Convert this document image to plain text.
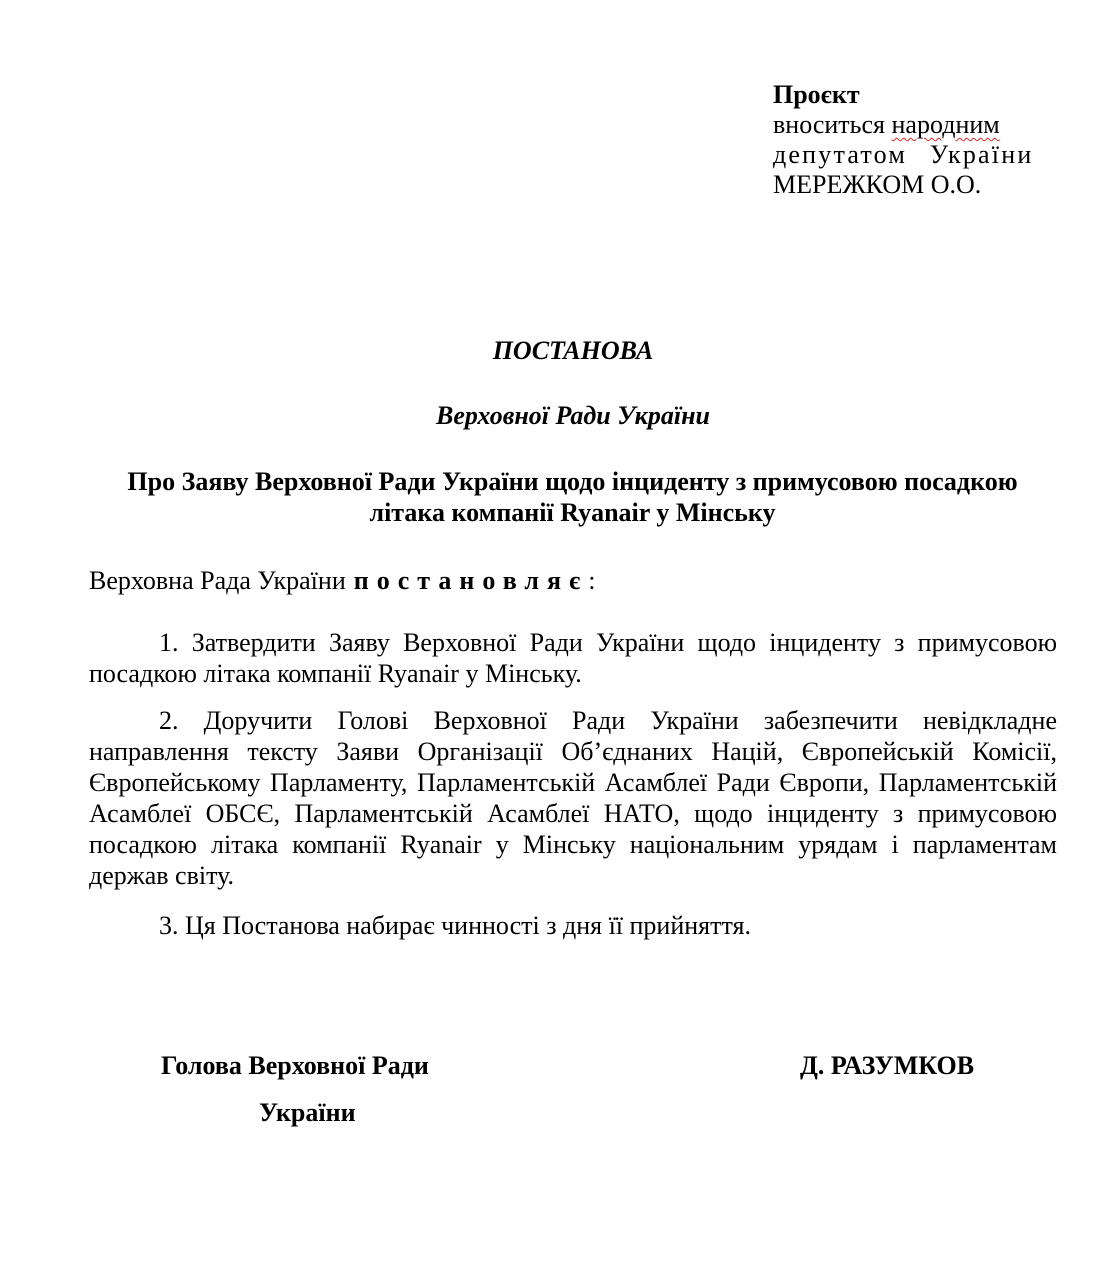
Проєкт
вноситься народним
депутатом України
МЕРЕЖКОМ О.О.
ПОСТАНОВА
Верховної Ради України
Про Заяву Верховної Ради України щодо інциденту з примусовою посадкою
літака компанії Ryanair у Мінську
Верховна Рада України постановляє:
1. Затвердити Заяву Верховної Ради України щодо інциденту з примусовою посадкою літака компанії Ryanair у Мінську.
2. Доручити Голові Верховної Ради України забезпечити невідкладне направлення тексту Заяви Організації Об’єднаних Націй, Європейській Комісії, Європейському Парламенту, Парламентській Асамблеї Ради Європи, Парламентській Асамблеї ОБСЄ, Парламентській Асамблеї НАТО, щодо інциденту з примусовою посадкою літака компанії Ryanair у Мінську національним урядам і парламентам держав світу.
3. Ця Постанова набирає чинності з дня її прийняття.
Голова Верховної Ради
України
Д. РАЗУМКОВ
